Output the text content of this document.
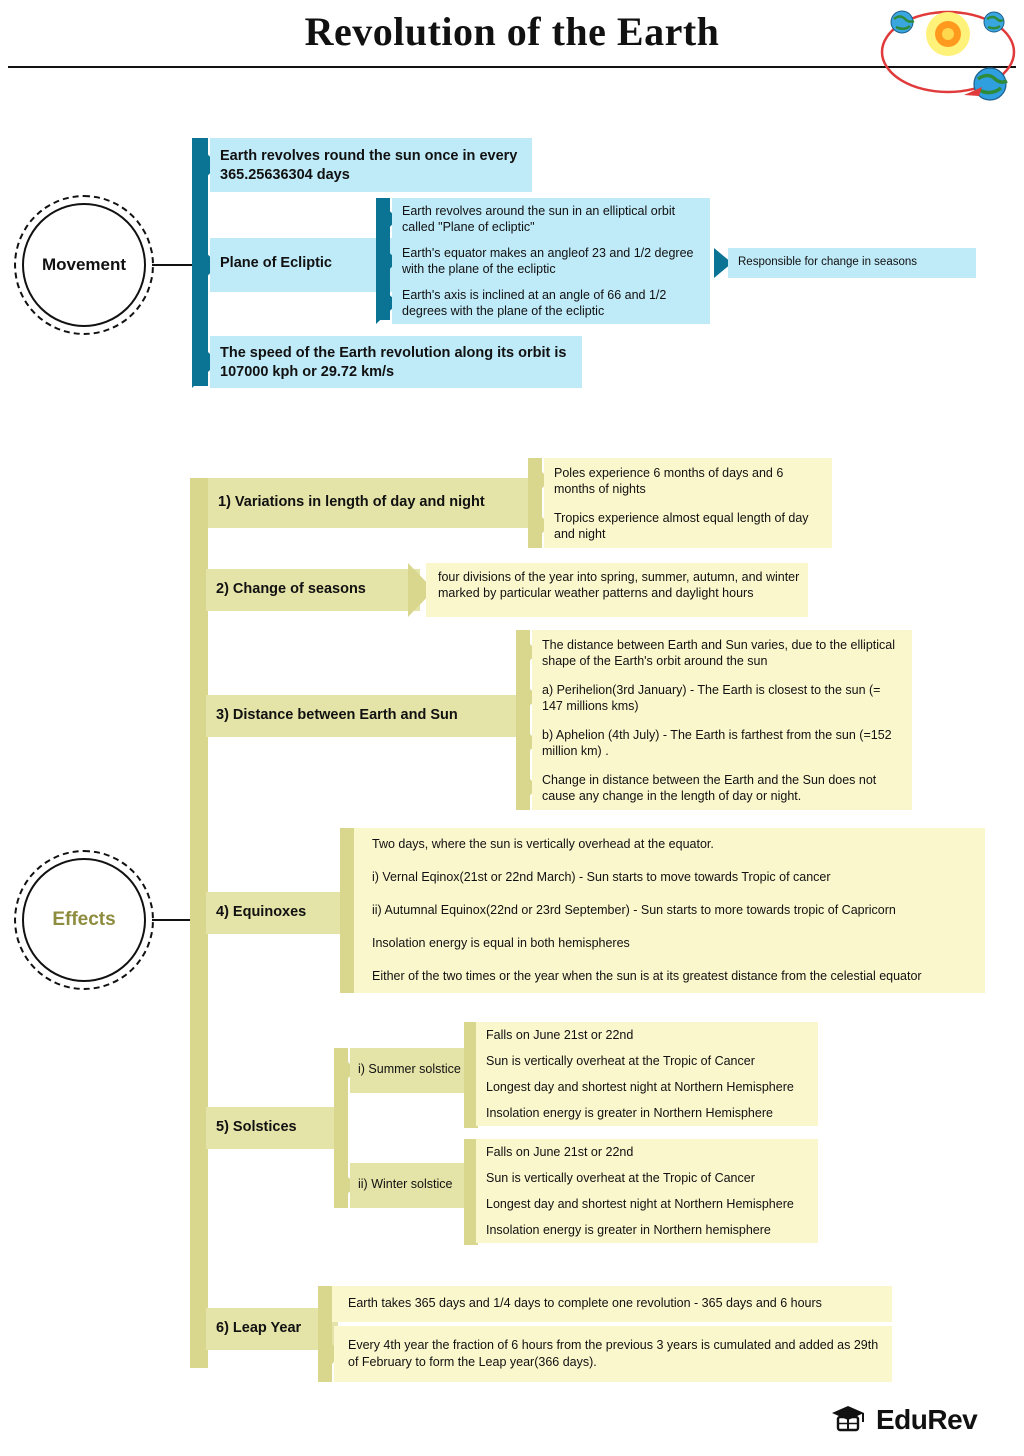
Revolution of the Earth
Movement
Earth revolves round the sun once in every 365.25636304 days
Plane of Ecliptic
Earth revolves around the sun in an elliptical orbit called "Plane of ecliptic"
Earth's equator makes an angleof 23 and 1/2 degree with the plane of the ecliptic
Earth's axis is inclined at an angle of 66 and 1/2 degrees with the plane of the ecliptic
Responsible for change in seasons
The speed of the Earth revolution along its orbit is 107000 kph or 29.72 km/s
Effects
1) Variations in length of day and night
Poles experience 6 months of days and 6 months of nights
Tropics experience almost equal length of day and night
2) Change of seasons
four divisions of the year into spring, summer, autumn, and winter marked by particular weather patterns and daylight hours
3) Distance between Earth and Sun
The distance between Earth and Sun varies, due to the elliptical shape of the Earth's orbit around the sun
a) Perihelion(3rd January) - The Earth is closest to the sun (= 147 millions kms)
b) Aphelion (4th July) - The Earth is farthest from the sun (=152 million km) .
Change in distance between the Earth and the Sun does not cause any change in the length of day or night.
4) Equinoxes
Two days, where the sun is vertically overhead at the equator.
i) Vernal Eqinox(21st or 22nd March) - Sun starts to move towards Tropic of cancer
ii) Autumnal Equinox(22nd or 23rd September) - Sun starts to more towards tropic of Capricorn
Insolation energy is equal in both hemispheres
Either of the two times or the year when the sun is at its greatest distance from the celestial equator
5) Solstices
i) Summer solstice
Falls on June 21st or 22nd
Sun is vertically overheat at the Tropic of Cancer
Longest day and shortest night at Northern Hemisphere
Insolation energy is greater in Northern Hemisphere
ii) Winter solstice
Falls on June 21st or 22nd
Sun is vertically overheat at the Tropic of Cancer
Longest day and shortest night at Northern Hemisphere
Insolation energy is greater in Northern hemisphere
6) Leap Year
Earth takes 365 days and 1/4 days to complete one revolution - 365 days and 6 hours
Every 4th year the fraction of 6 hours from the previous 3 years is cumulated and added as 29th of February to form the Leap year(366 days).
EduRev
